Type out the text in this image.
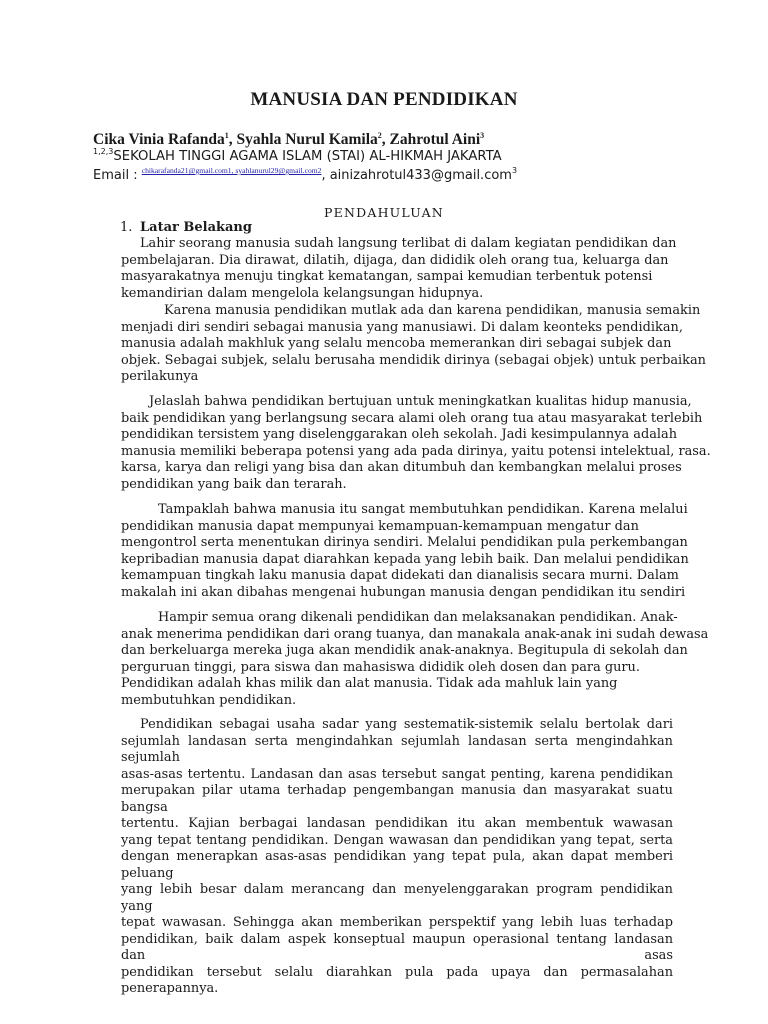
MANUSIA DAN PENDIDIKAN
Cika Vinia Rafanda$^1$, Syahla Nurul Kamila$^2$, Zahrotul Aini$^3$
$^{1,2,3}$SEKOLAH TINGGI AGAMA ISLAM (STAI) AL-HIKMAH JAKARTA
Email : $^{chikarafanda21@gmail.com1, syahlanurul29@gmail.com2}$, ainizahrotul433@gmail.com$^3$
PENDAHULUAN
1. Latar Belakang
Lahir seorang manusia sudah langsung terlibat di dalam kegiatan pendidikan dan
pembelajaran. Dia dirawat, dilatih, dijaga, dan dididik oleh orang tua, keluarga dan
masyarakatnya menuju tingkat kematangan, sampai kemudian terbentuk potensi
kemandirian dalam mengelola kelangsungan hidupnya.
Karena manusia pendidikan mutlak ada dan karena pendidikan, manusia semakin
menjadi diri sendiri sebagai manusia yang manusiawi. Di dalam keonteks pendidikan,
manusia adalah makhluk yang selalu mencoba memerankan diri sebagai subjek dan
objek. Sebagai subjek, selalu berusaha mendidik dirinya (sebagai objek) untuk perbaikan
perilakunya
Jelaslah bahwa pendidikan bertujuan untuk meningkatkan kualitas hidup manusia,
baik pendidikan yang berlangsung secara alami oleh orang tua atau masyarakat terlebih
pendidikan tersistem yang diselenggarakan oleh sekolah. Jadi kesimpulannya adalah
manusia memiliki beberapa potensi yang ada pada dirinya, yaitu potensi intelektual, rasa.
karsa, karya dan religi yang bisa dan akan ditumbuh dan kembangkan melalui proses
pendidikan yang baik dan terarah.
Tampaklah bahwa manusia itu sangat membutuhkan pendidikan. Karena melalui
pendidikan manusia dapat mempunyai kemampuan-kemampuan mengatur dan
mengontrol serta menentukan dirinya sendiri. Melalui pendidikan pula perkembangan
kepribadian manusia dapat diarahkan kepada yang lebih baik. Dan melalui pendidikan
kemampuan tingkah laku manusia dapat didekati dan dianalisis secara murni. Dalam
makalah ini akan dibahas mengenai hubungan manusia dengan pendidikan itu sendiri
Hampir semua orang dikenali pendidikan dan melaksanakan pendidikan. Anak-
anak menerima pendidikan dari orang tuanya, dan manakala anak-anak ini sudah dewasa
dan berkeluarga mereka juga akan mendidik anak-anaknya. Begitupula di sekolah dan
perguruan tinggi, para siswa dan mahasiswa dididik oleh dosen dan para guru.
Pendidikan adalah khas milik dan alat manusia. Tidak ada mahluk lain yang
membutuhkan pendidikan.
Pendidikan sebagai usaha sadar yang sestematik-sistemik selalu bertolak dari
sejumlah landasan serta mengindahkan sejumlah landasan serta mengindahkan sejumlah
asas-asas tertentu. Landasan dan asas tersebut sangat penting, karena pendidikan
merupakan pilar utama terhadap pengembangan manusia dan masyarakat suatu bangsa
tertentu. Kajian berbagai landasan pendidikan itu akan membentuk wawasan
yang tepat tentang pendidikan. Dengan wawasan dan pendidikan yang tepat, serta
dengan menerapkan asas-asas pendidikan yang tepat pula, akan dapat memberi peluang
yang lebih besar dalam merancang dan menyelenggarakan program pendidikan yang
tepat wawasan. Sehingga akan memberikan perspektif yang lebih luas terhadap
pendidikan, baik dalam aspek konseptual maupun operasional tentang landasan dan asas
pendidikan tersebut selalu diarahkan pula pada upaya dan permasalahan penerapannya.
